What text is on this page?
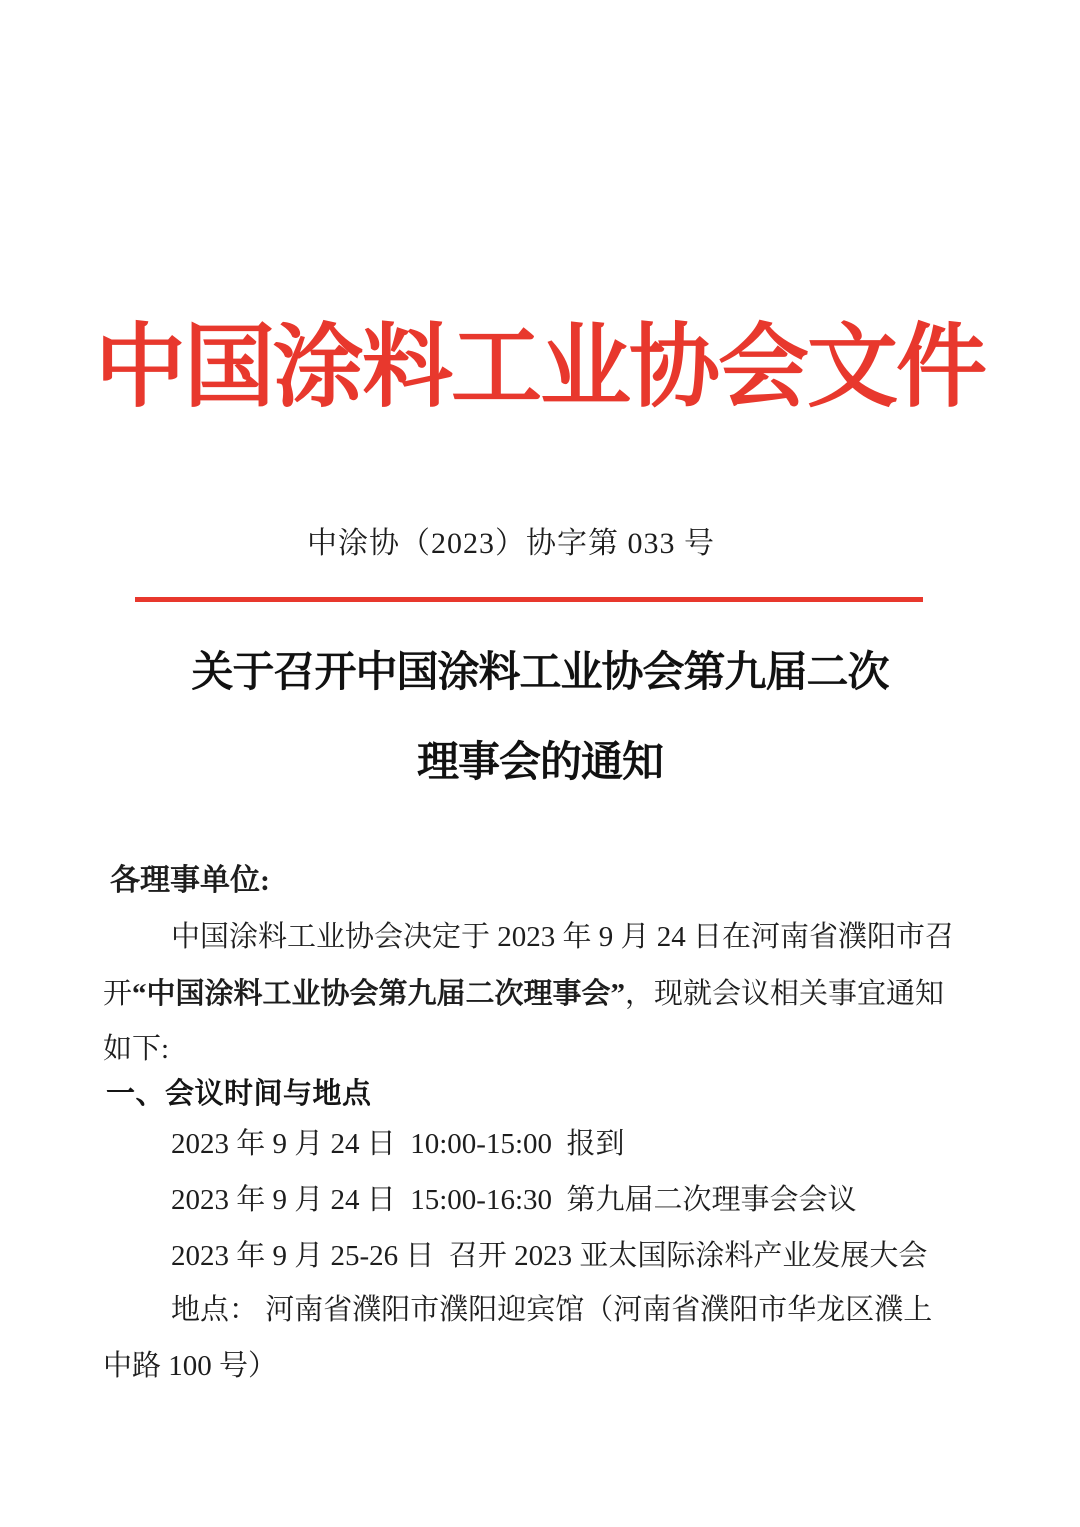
中国涂料工业协会文件
中涂协（2023）协字第 033 号
关于召开中国涂料工业协会第九届二次
理事会的通知
各理事单位:
中国涂料工业协会决定于 2023 年 9 月 24 日在河南省濮阳市召
开“中国涂料工业协会第九届二次理事会”，现就会议相关事宜通知
如下:
一、会议时间与地点
2023 年 9 月 24 日  10:00-15:00  报到
2023 年 9 月 24 日  15:00-16:30  第九届二次理事会会议
2023 年 9 月 25-26 日  召开 2023 亚太国际涂料产业发展大会
地点： 河南省濮阳市濮阳迎宾馆（河南省濮阳市华龙区濮上
中路 100 号）
